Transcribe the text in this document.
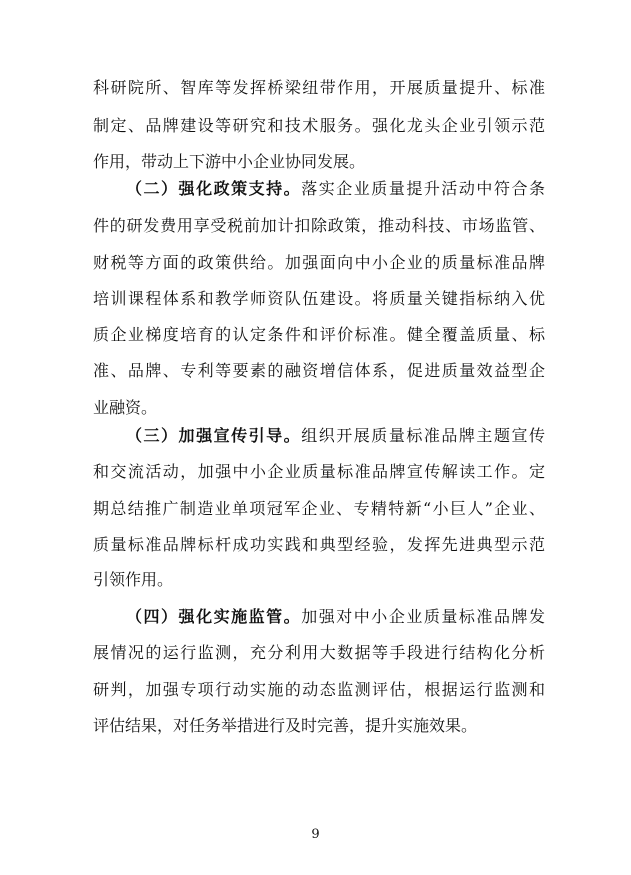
科研院所、智库等发挥桥梁纽带作用，开展质量提升、标准
制定、品牌建设等研究和技术服务。强化龙头企业引领示范
作用，带动上下游中小企业协同发展。
（二）强化政策支持。落实企业质量提升活动中符合条
件的研发费用享受税前加计扣除政策，推动科技、市场监管、
财税等方面的政策供给。加强面向中小企业的质量标准品牌
培训课程体系和教学师资队伍建设。将质量关键指标纳入优
质企业梯度培育的认定条件和评价标准。健全覆盖质量、标
准、品牌、专利等要素的融资增信体系，促进质量效益型企
业融资。
（三）加强宣传引导。组织开展质量标准品牌主题宣传
和交流活动，加强中小企业质量标准品牌宣传解读工作。定
期总结推广制造业单项冠军企业、专精特新“小巨人”企业、
质量标准品牌标杆成功实践和典型经验，发挥先进典型示范
引领作用。
（四）强化实施监管。加强对中小企业质量标准品牌发
展情况的运行监测，充分利用大数据等手段进行结构化分析
研判，加强专项行动实施的动态监测评估，根据运行监测和
评估结果，对任务举措进行及时完善，提升实施效果。
9
